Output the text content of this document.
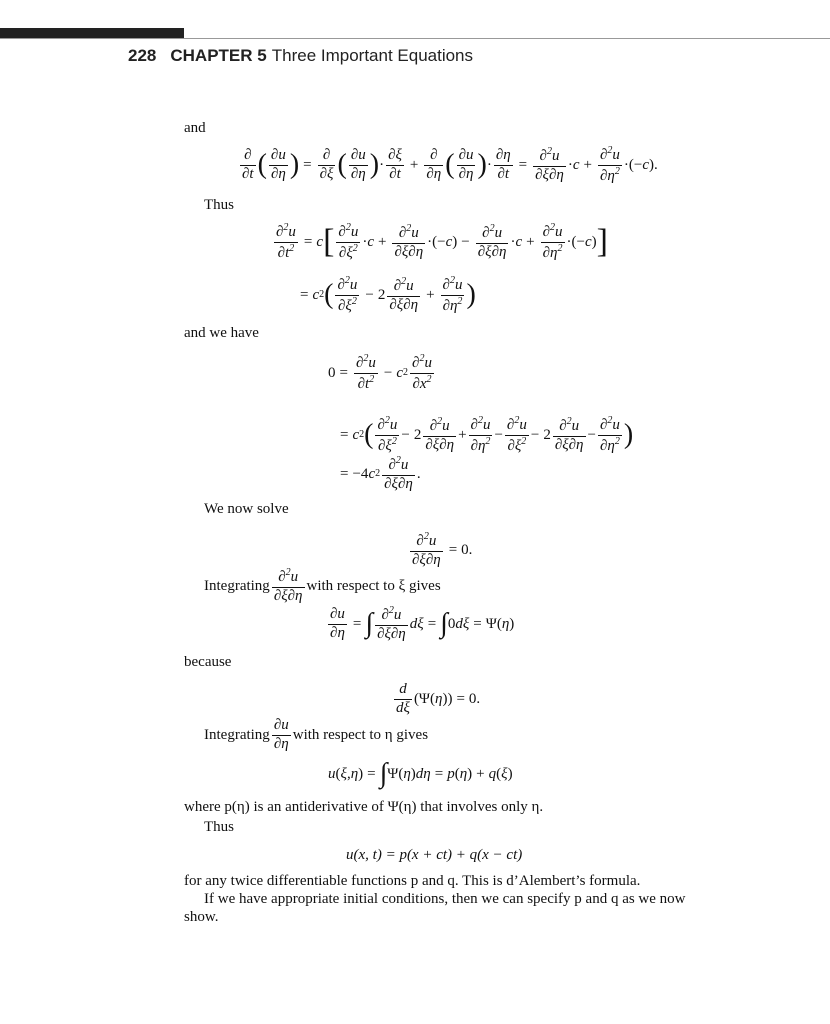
228 CHAPTER 5 Three Important Equations
and
$\frac{\partial}{\partial t}$ ( $\frac{\partial u}{\partial\eta}$ ) = $\frac{\partial}{\partial\xi}$ ( $\frac{\partial u}{\partial\eta}$ ) · $\frac{\partial\xi}{\partial t} + \frac{\partial}{\partial\eta}$ ( $\frac{\partial u}{\partial\eta}$ ) · $\frac{\partial\eta}{\partial t} = \frac{\partial^2u}{\partial\xi\partial\eta} \cdot c + \frac{\partial^2u}{\partial\eta^2}$ ·(− c ).
Thus
$\frac{\partial^2u}{\partial t^2} = c$ [ $\frac{\partial^2u}{\partial\xi^2} \cdot c + \frac{\partial^2u}{\partial\xi\partial\eta}$ ·(− c ) − $\frac{\partial^2u}{\partial\xi\partial\eta} \cdot c + \frac{\partial^2u}{\partial\eta^2}$ ·(− c ) ]
= c 2 ( $\frac{\partial^2u}{\partial\xi^2} - 2 \frac{\partial^2u}{\partial\xi\partial\eta} + \frac{\partial^2u}{\partial\eta^2}$ )
and we have
$0 = \frac{\partial^2u}{\partial t^2} - c$ $2 \frac{\partial^2u}{\partial x^2}$
= c 2 ( $\frac{\partial^2u}{\partial\xi^2} - 2 \frac{\partial^2u}{\partial\xi\partial\eta} + \frac{\partial^2u}{\partial\eta^2} - \frac{\partial^2u}{\partial\xi^2} - 2 \frac{\partial^2u}{\partial\xi\partial\eta} - \frac{\partial^2u}{\partial\eta^2}$ )
= −4 c $2 \frac{\partial^2u}{\partial\xi\partial\eta}$ .
We now solve
$\frac{\partial^2u}{\partial\xi\partial\eta} = 0$.
Integrating $\frac{\partial^2u}{\partial\xi\partial\eta}$ with respect to ξ gives
$\frac{\partial u}{\partial\eta}$ = ∫ $\frac{\partial^2u}{\partial\xi\partial\eta}$ dξ = ∫ 0 dξ = Ψ( η )
because
$\frac{d}{d\xi} (\Psi$( η )) = 0.
Integrating $\frac{\partial u}{\partial\eta}$ with respect to η gives
u ( ξ , η ) = ∫ Ψ( η ) dη = p ( η ) + q ( ξ )
where p(η) is an antiderivative of Ψ(η) that involves only η.
Thus
u(x, t) = p(x + ct) + q(x − ct)
for any twice differentiable functions p and q. This is d’Alembert’s formula.
If we have appropriate initial conditions, then we can specify p and q as we now
show.
